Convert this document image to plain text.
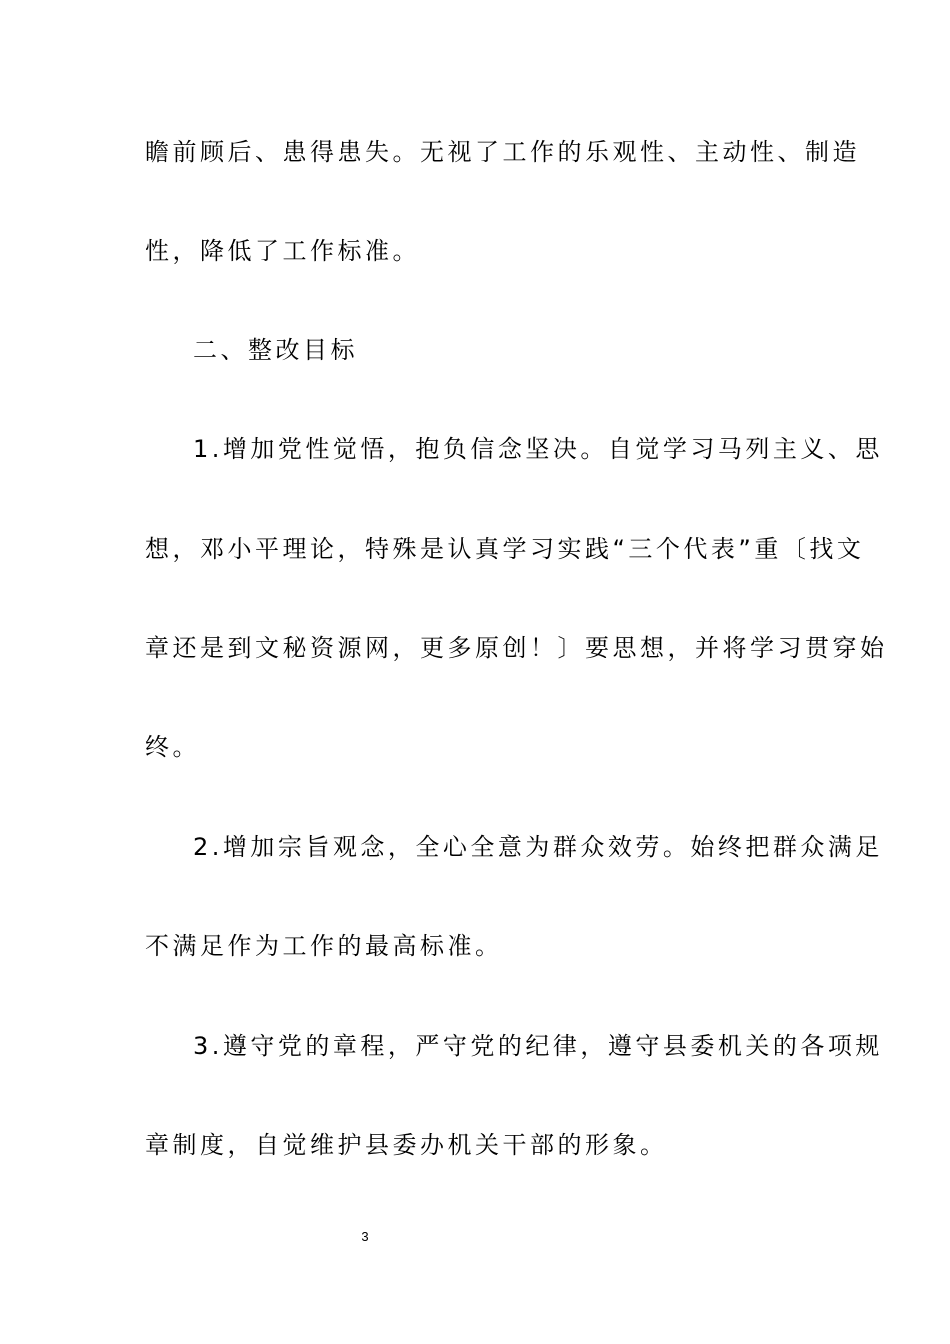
瞻前顾后、患得患失。无视了工作的乐观性、主动性、制造
性，降低了工作标准。
二、整改目标
1.增加党性觉悟，抱负信念坚决。自觉学习马列主义、思
想，邓小平理论，特殊是认真学习实践“三个代表”重〔找文
章还是到文秘资源网，更多原创！〕要思想，并将学习贯穿始
终。
2.增加宗旨观念，全心全意为群众效劳。始终把群众满足
不满足作为工作的最高标准。
3.遵守党的章程，严守党的纪律，遵守县委机关的各项规
章制度，自觉维护县委办机关干部的形象。
3
